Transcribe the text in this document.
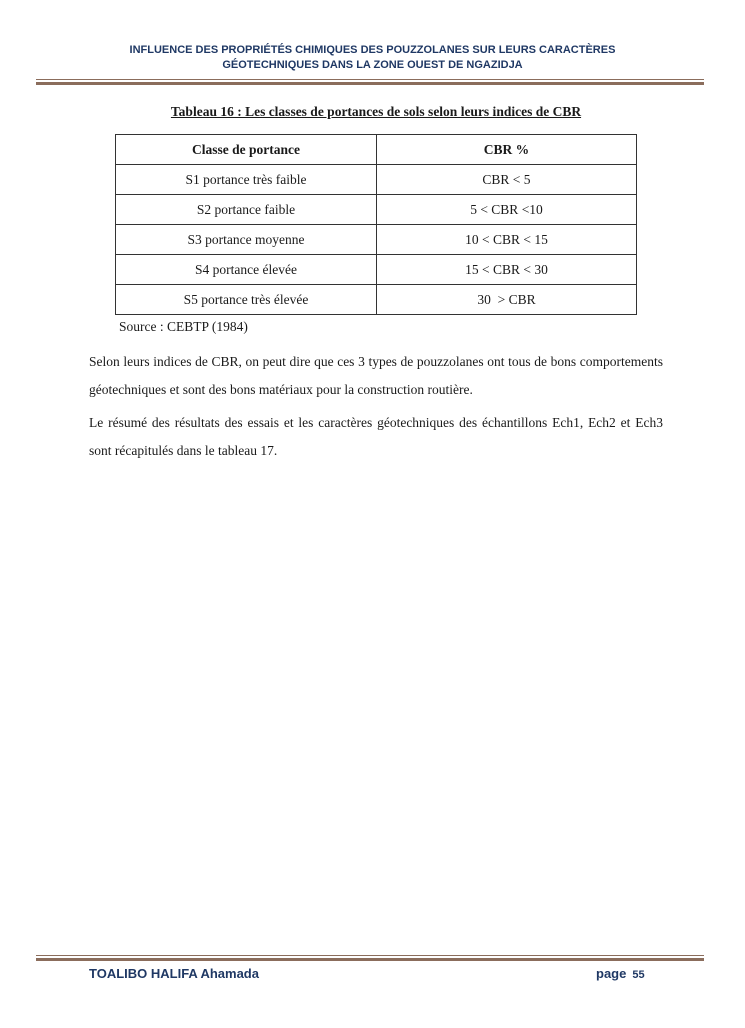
INFLUENCE DES PROPRIÉTÉS CHIMIQUES DES POUZZOLANES SUR LEURS CARACTÈRES
GÉOTECHNIQUES DANS LA ZONE OUEST DE NGAZIDJA
Tableau 16 : Les classes de portances de sols selon leurs indices de CBR
Classe de portance	CBR %
S1 portance très faible	CBR < 5
S2 portance faible	5 < CBR <10
S3 portance moyenne	10 < CBR < 15
S4 portance élevée	15 < CBR < 30
S5 portance très élevée	30  > CBR
Source : CEBTP (1984)

Selon leurs indices de CBR, on peut dire que ces 3 types de pouzzolanes ont tous de bons comportements géotechniques et sont des bons matériaux pour la construction routière.

Le résumé des résultats des essais et les caractères géotechniques des échantillons Ech1, Ech2 et Ech3 sont récapitulés dans le tableau 17.

TOALIBO HALIFA Ahamada	page 55
